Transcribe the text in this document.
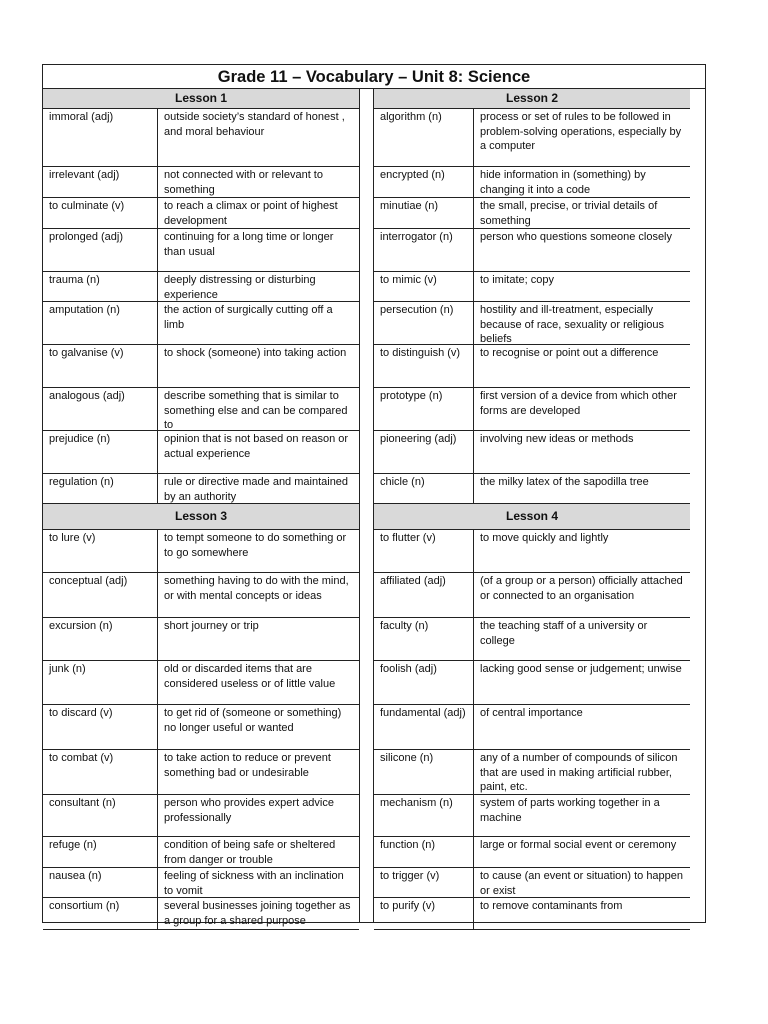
Grade 11 – Vocabulary – Unit 8: Science
Lesson 1
immoral (adj)	outside society’s standard of honest , and moral behaviour
irrelevant (adj)	not connected with or relevant to something
to culminate (v)	to reach a climax or point of highest development
prolonged (adj)	continuing for a long time or longer than usual
trauma (n)	deeply distressing or disturbing experience
amputation (n)	the action of surgically cutting off a limb
to galvanise (v)	to shock (someone) into taking action
analogous (adj)	describe something that is similar to something else and can be compared to
prejudice (n)	opinion that is not based on reason or actual experience
regulation (n)	rule or directive made and maintained by an authority
Lesson 3
to lure (v)	to tempt someone to do something or to go somewhere
conceptual (adj)	something having to do with the mind, or with mental concepts or ideas
excursion (n)	short journey or trip
junk (n)	old or discarded items that are considered useless or of little value
to discard (v)	to get rid of (someone or something) no longer useful or wanted
to combat (v)	to take action to reduce or prevent something bad or undesirable
consultant (n)	person who provides expert advice professionally
refuge (n)	condition of being safe or sheltered from danger or trouble
nausea (n)	feeling of sickness with an inclination to vomit
consortium (n)	several businesses joining together as a group for a shared purpose
Lesson 2
algorithm (n)	process or set of rules to be followed in problem-solving operations, especially by a computer
encrypted (n)	hide information in (something) by changing it into a code
minutiae (n)	the small, precise, or trivial details of something
interrogator (n)	person who questions someone closely
to mimic (v)	to imitate; copy
persecution (n)	hostility and ill-treatment, especially because of race, sexuality or religious beliefs
to distinguish (v)	to recognise or point out a difference
prototype (n)	first version of a device from which other forms are developed
pioneering (adj)	involving new ideas or methods
chicle (n)	the milky latex of the sapodilla tree
Lesson 4
to flutter (v)	to move quickly and lightly
affiliated (adj)	(of a group or a person) officially attached or connected to an organisation
faculty (n)	the teaching staff of a university or college
foolish (adj)	lacking good sense or judgement; unwise
fundamental (adj)	of central importance
silicone (n)	any of a number of compounds of silicon that are used in making artificial rubber, paint, etc.
mechanism (n)	system of parts working together in a machine
function (n)	large or formal social event or ceremony
to trigger (v)	to cause (an event or situation) to happen or exist
to purify (v)	to remove contaminants from
